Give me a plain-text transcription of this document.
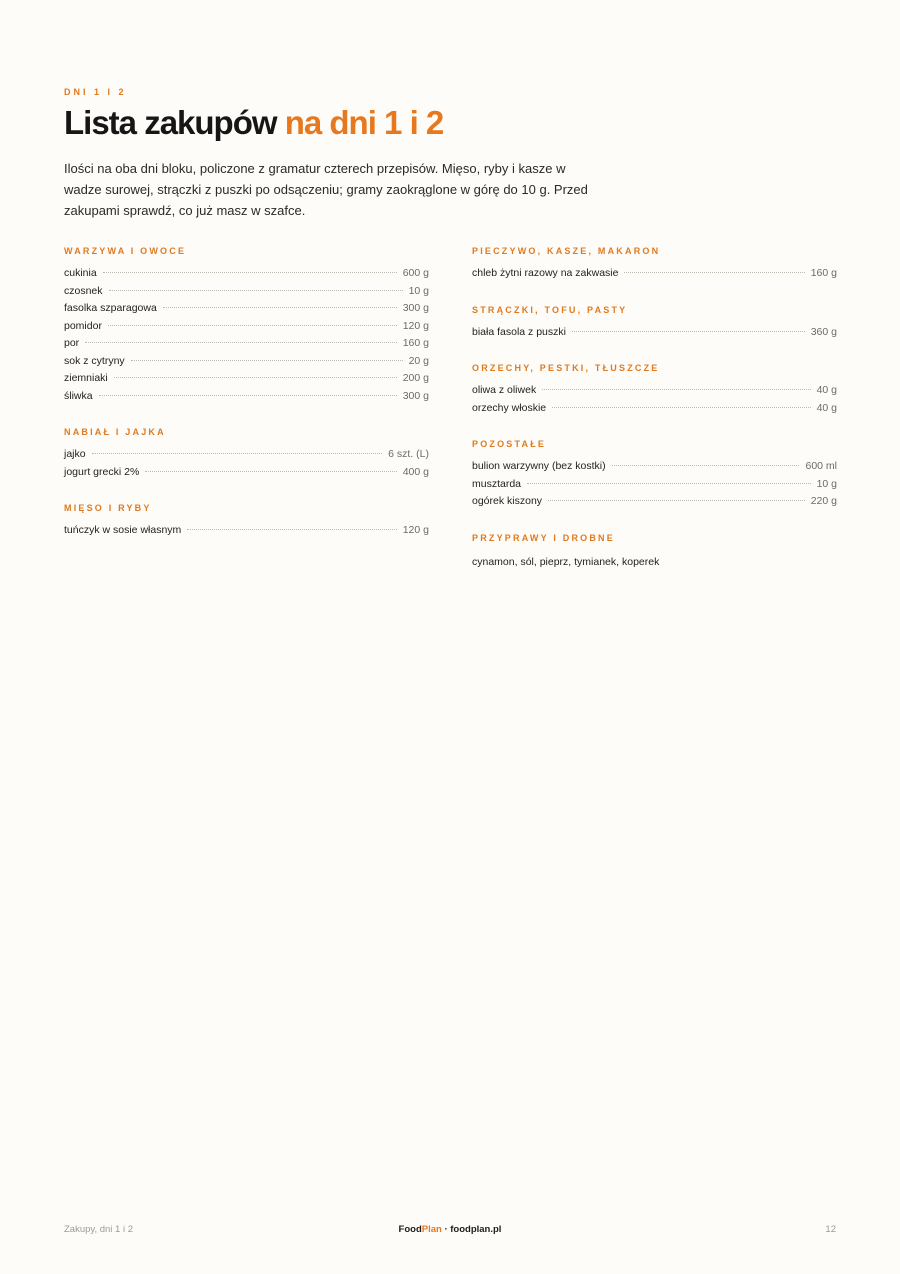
DNI 1 I 2
Lista zakupów na dni 1 i 2

Ilości na oba dni bloku, policzone z gramatur czterech przepisów. Mięso, ryby i kasze w wadze surowej, strączki z puszki po odsączeniu; gramy zaokrąglone w górę do 10 g. Przed zakupami sprawdź, co już masz w szafce.

WARZYWA I OWOCE
cukinia	600 g
czosnek	10 g
fasolka szparagowa	300 g
pomidor	120 g
por	160 g
sok z cytryny	20 g
ziemniaki	200 g
śliwka	300 g
NABIAŁ I JAJKA
jajko	6 szt. (L)
jogurt grecki 2%	400 g
MIĘSO I RYBY
tuńczyk w sosie własnym	120 g
PIECZYWO, KASZE, MAKARON
chleb żytni razowy na zakwasie	160 g
STRĄCZKI, TOFU, PASTY
biała fasola z puszki	360 g
ORZECHY, PESTKI, TŁUSZCZE
oliwa z oliwek	40 g
orzechy włoskie	40 g
POZOSTAŁE
bulion warzywny (bez kostki)	600 ml
musztarda	10 g
ogórek kiszony	220 g
PRZYPRAWY I DROBNE
cynamon, sól, pieprz, tymianek, koperek
Zakupy, dni 1 i 2	FoodPlan · foodplan.pl	12
